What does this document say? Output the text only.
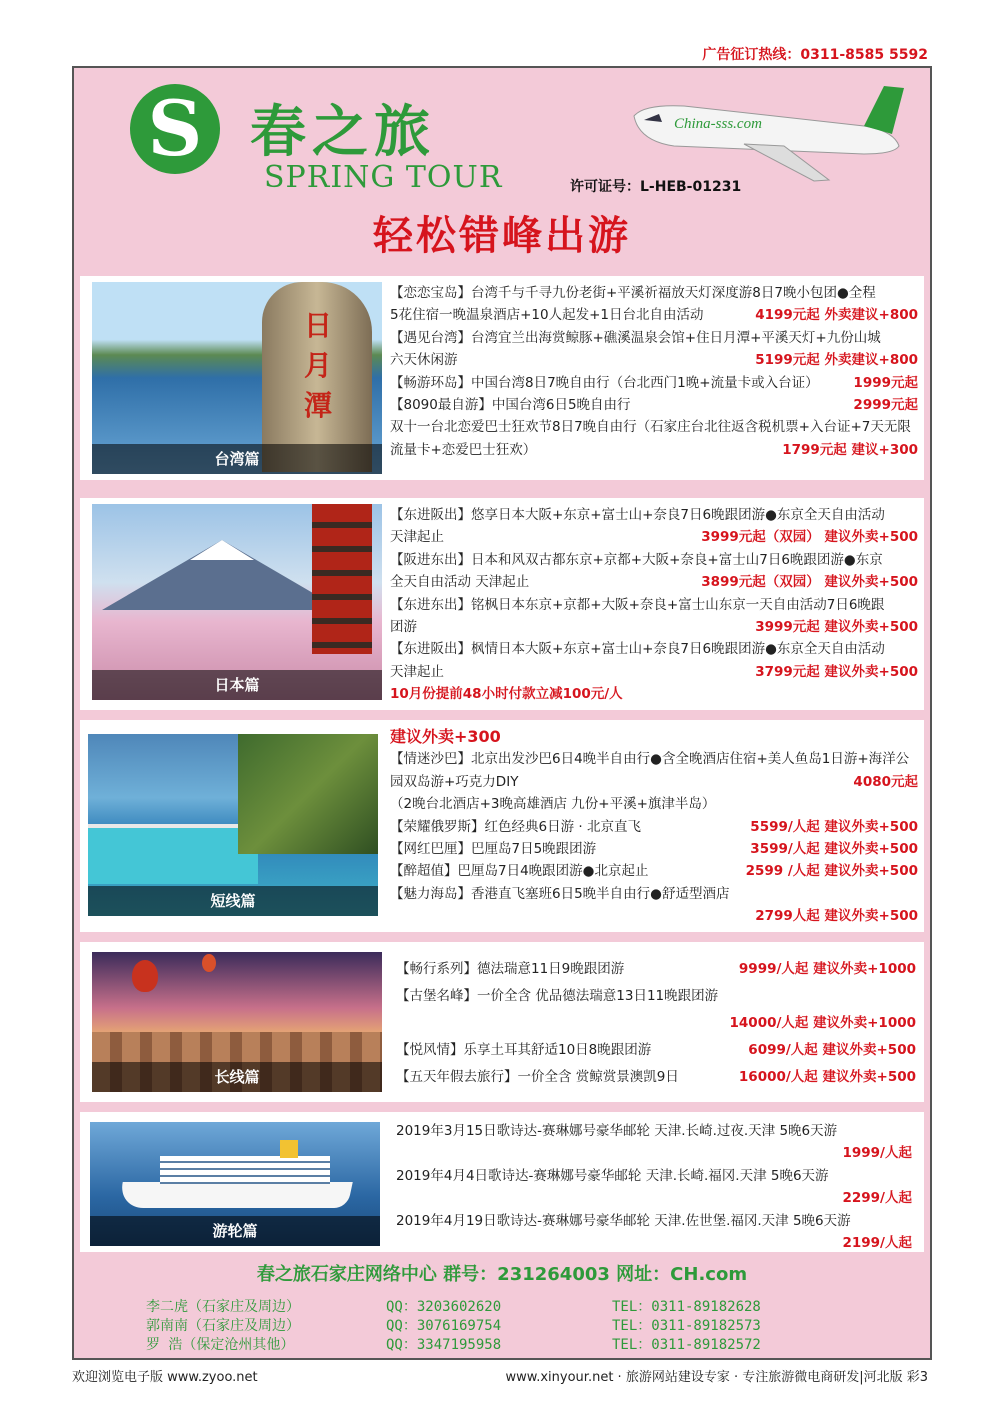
广告征订热线：0311-8585 5592
S 春之旅
SPRING TOUR
China-sss.com
许可证号：L-HEB-01231
轻松错峰出游
日月潭
台湾篇
【恋恋宝岛】台湾千与千寻九份老街+平溪祈福放天灯深度游8日7晚小包团●全程
5花住宿一晚温泉酒店+10人起发+1日台北自由活动	4199元起 外卖建议+800
【遇见台湾】台湾宜兰出海赏鲸豚+礁溪温泉会馆+住日月潭+平溪天灯+九份山城
六天休闲游	5199元起 外卖建议+800
【畅游环岛】中国台湾8日7晚自由行（台北西门1晚+流量卡或入台证）	1999元起
【8090最自游】中国台湾6日5晚自由行	2999元起
双十一台北恋爱巴士狂欢节8日7晚自由行（石家庄台北往返含税机票+入台证+7天无限
流量卡+恋爱巴士狂欢）	1799元起 建议+300
日本篇
【东进阪出】悠享日本大阪+东京+富士山+奈良7日6晚跟团游●东京全天自由活动
天津起止	3999元起（双园） 建议外卖+500
【阪进东出】日本和风双古都东京+京都+大阪+奈良+富士山7日6晚跟团游●东京
全天自由活动 天津起止	3899元起（双园） 建议外卖+500
【东进东出】铭枫日本东京+京都+大阪+奈良+富士山东京一天自由活动7日6晚跟
团游	3999元起 建议外卖+500
【东进阪出】枫情日本大阪+东京+富士山+奈良7日6晚跟团游●东京全天自由活动
天津起止	3799元起 建议外卖+500
10月份提前48小时付款立减100元/人
短线篇
建议外卖+300
【情迷沙巴】北京出发沙巴6日4晚半自由行●含全晚酒店住宿+美人鱼岛1日游+海洋公
园双岛游+巧克力DIY	4080元起
（2晚台北酒店+3晚高雄酒店 九份+平溪+旗津半岛）
【荣耀俄罗斯】红色经典6日游 · 北京直飞	5599/人起 建议外卖+500
【网红巴厘】巴厘岛7日5晚跟团游	3599/人起 建议外卖+500
【醉超值】巴厘岛7日4晚跟团游●北京起止	2599 /人起 建议外卖+500
【魅力海岛】香港直飞塞班6日5晚半自由行●舒适型酒店
2799人起 建议外卖+500
长线篇
【畅行系列】德法瑞意11日9晚跟团游	9999/人起 建议外卖+1000
【古堡名峰】一价全含 优品德法瑞意13日11晚跟团游
14000/人起 建议外卖+1000
【悦风情】乐享土耳其舒适10日8晚跟团游	6099/人起 建议外卖+500
【五天年假去旅行】一价全含 赏鲸赏景澳凯9日	16000/人起 建议外卖+500
游轮篇
2019年3月15日歌诗达-赛琳娜号豪华邮轮 天津.长崎.过夜.天津 5晚6天游
1999/人起
2019年4月4日歌诗达-赛琳娜号豪华邮轮 天津.长崎.福冈.天津 5晚6天游
2299/人起
2019年4月19日歌诗达-赛琳娜号豪华邮轮 天津.佐世堡.福冈.天津 5晚6天游
2199/人起
春之旅石家庄网络中心 群号：231264003 网址：CH.com
李二虎（石家庄及周边）	QQ：3203602620	TEL：0311-89182628
郭南南（石家庄及周边）	QQ：3076169754	TEL：0311-89182573
罗 浩（保定沧州其他）	QQ：3347195958	TEL：0311-89182572
欢迎浏览电子版 www.zyoo.net	www.xinyour.net · 旅游网站建设专家 · 专注旅游微电商研发|河北版 彩3
